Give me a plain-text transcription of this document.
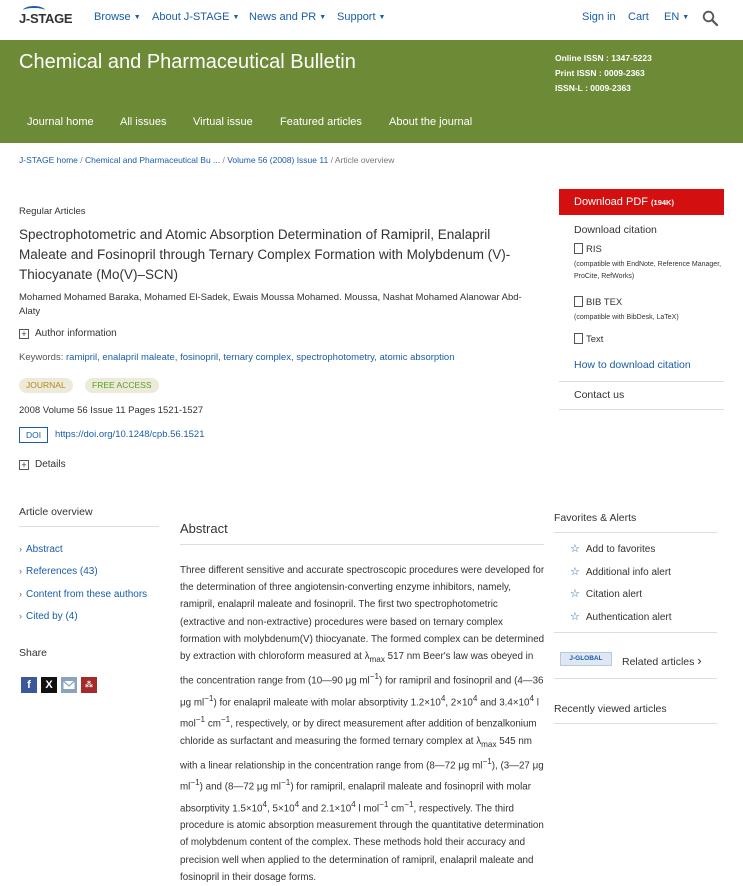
J-STAGE Browse ▼ About J-STAGE ▼ News and PR ▼ Support ▼	Sign in Cart EN ▼
Chemical and Pharmaceutical Bulletin	Online ISSN : 1347-5223
Print ISSN : 0009-2363
ISSN-L : 0009-2363
Journal home All issues Virtual issue Featured articles About the journal
J-STAGE home / Chemical and Pharmaceutical Bu ... / Volume 56 (2008) Issue 11 / Article overview
Regular Articles
Spectrophotometric and Atomic Absorption Determination of Ramipril, Enalapril Maleate and Fosinopril through Ternary Complex Formation with Molybdenum (V)-Thiocyanate (Mo(V)–SCN)
Mohamed Mohamed Baraka, Mohamed El-Sadek, Ewais Moussa Mohamed. Moussa, Nashat Mohamed Alanowar Abd-Alaty
+ Author information
Keywords: ramipril, enalapril maleate, fosinopril, ternary complex, spectrophotometry, atomic absorption
JOURNAL	FREE ACCESS
2008 Volume 56 Issue 11 Pages 1521-1527
DOI	https://doi.org/10.1248/cpb.56.1521
+ Details
Download PDF (194K)
Download citation
RIS
(compatible with EndNote, Reference Manager, ProCite, RefWorks)
BIB TEX
(compatible with BibDesk, LaTeX)
Text
How to download citation
Contact us
Article overview
› Abstract
› References (43)
› Content from these authors
› Cited by (4)
Share
f	X	⁂
Abstract
Three different sensitive and accurate spectroscopic procedures were developed for the determination of three angiotensin-converting enzyme inhibitors, namely, ramipril, enalapril maleate and fosinopril. The first two spectrophotometric (extractive and non-extractive) procedures were based on ternary complex formation with molybdenum(V) thiocyanate. The formed complex can be determined by extraction with chloroform measured at $\lambda_{max}$ 517 nm Beer's law was obeyed in the concentration range from (10—90 μg $ml^{-1}$) for ramipril and fosinopril and (4—36 μg $ml^{-1}$) for enalapril maleate with molar absorptivity $1.2\times 10^4$, $2\times 10^4$ and $3.4\times 10^4$ l mol$^{-1}$ $cm^{-1}$, respectively, or by direct measurement after addition of benzalkonium chloride as surfactant and measuring the formed ternary complex at $\lambda_{max}$ 545 nm with a linear relationship in the concentration range from (8—72 μg $ml^{-1}$), (3—27 μg $ml^{-1}$) and (8—72 μg $ml^{-1}$) for ramipril, enalapril maleate and fosinopril with molar absorptivity $1.5\times 10^4$, $5\times 10^4$ and $2.1\times 10^4$ l mol$^{-1}$ $cm^{-1}$, respectively. The third procedure is atomic absorption measurement through the quantitative determination of molybdenum content of the complex. These methods hold their accuracy and precision well when applied to the determination of ramipril, enalapril maleate and fosinopril in their dosage forms.
Favorites & Alerts
☆ Add to favorites
☆ Additional info alert
☆ Citation alert
☆ Authentication alert
J-GLOBAL	Related articles ›
Recently viewed articles
